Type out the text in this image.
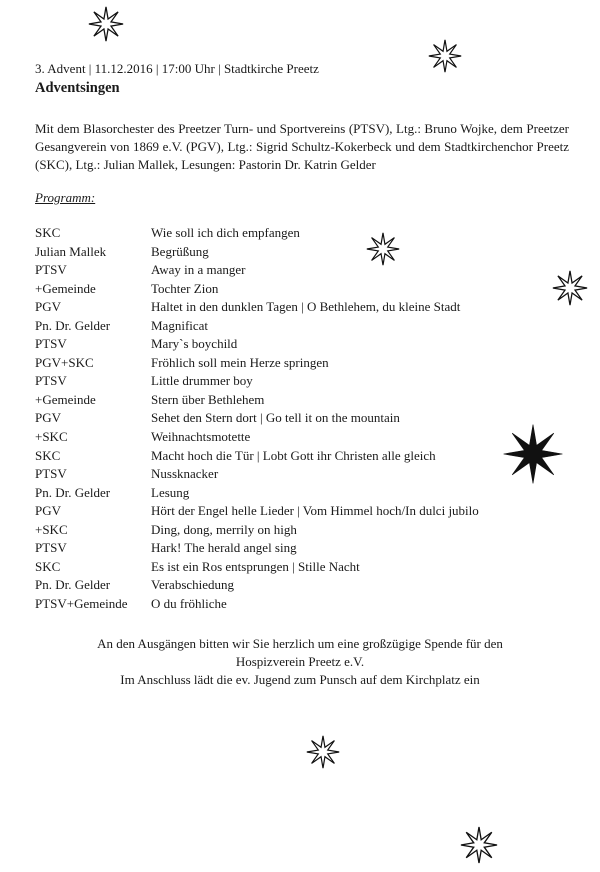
3. Advent | 11.12.2016 | 17:00 Uhr | Stadtkirche Preetz
Adventsingen
Mit dem Blasorchester des Preetzer Turn- und Sportvereins (PTSV), Ltg.: Bruno Wojke, dem Preetzer Gesangverein von 1869 e.V. (PGV), Ltg.: Sigrid Schultz-Kokerbeck und dem Stadtkirchenchor Preetz (SKC), Ltg.: Julian Mallek, Lesungen: Pastorin Dr. Katrin Gelder
Programm:
SKC	Wie soll ich dich empfangen
Julian Mallek	Begrüßung
PTSV	Away in a manger
+Gemeinde	Tochter Zion
PGV	Haltet in den dunklen Tagen | O Bethlehem, du kleine Stadt
Pn. Dr. Gelder	Magnificat
PTSV	Mary`s boychild
PGV+SKC	Fröhlich soll mein Herze springen
PTSV	Little drummer boy
+Gemeinde	Stern über Bethlehem
PGV	Sehet den Stern dort | Go tell it on the mountain
+SKC	Weihnachtsmotette
SKC	Macht hoch die Tür | Lobt Gott ihr Christen alle gleich
PTSV	Nussknacker
Pn. Dr. Gelder	Lesung
PGV	Hört der Engel helle Lieder | Vom Himmel hoch/In dulci jubilo
+SKC	Ding, dong, merrily on high
PTSV	Hark! The herald angel sing
SKC	Es ist ein Ros entsprungen | Stille Nacht
Pn. Dr. Gelder	Verabschiedung
PTSV+Gemeinde	O du fröhliche
An den Ausgängen bitten wir Sie herzlich um eine großzügige Spende für den
Hospizverein Preetz e.V.
Im Anschluss lädt die ev. Jugend zum Punsch auf dem Kirchplatz ein
